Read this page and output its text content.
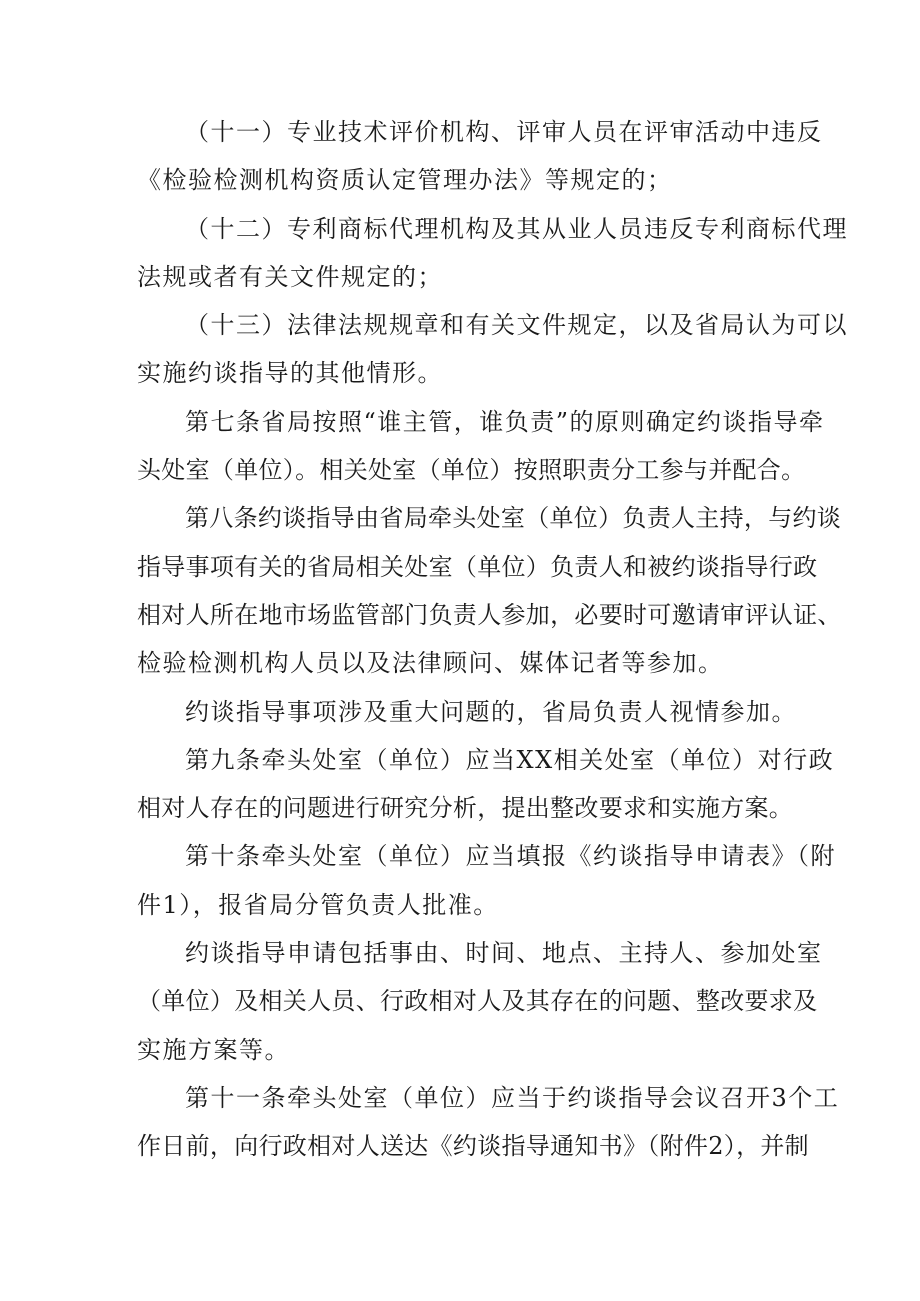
（十一）专业技术评价机构、评审人员在评审活动中违反
《检验检测机构资质认定管理办法》等规定的；
（十二）专利商标代理机构及其从业人员违反专利商标代理
法规或者有关文件规定的；
（十三）法律法规规章和有关文件规定，以及省局认为可以
实施约谈指导的其他情形。
第七条省局按照“谁主管，谁负责”的原则确定约谈指导牵
头处室（单位）。相关处室（单位）按照职责分工参与并配合。
第八条约谈指导由省局牵头处室（单位）负责人主持，与约谈
指导事项有关的省局相关处室（单位）负责人和被约谈指导行政
相对人所在地市场监管部门负责人参加，必要时可邀请审评认证、
检验检测机构人员以及法律顾问、媒体记者等参加。
约谈指导事项涉及重大问题的，省局负责人视情参加。
第九条牵头处室（单位）应当XX相关处室（单位）对行政
相对人存在的问题进行研究分析，提出整改要求和实施方案。
第十条牵头处室（单位）应当填报《约谈指导申请表》（附
件1），报省局分管负责人批准。
约谈指导申请包括事由、时间、地点、主持人、参加处室
（单位）及相关人员、行政相对人及其存在的问题、整改要求及
实施方案等。
第十一条牵头处室（单位）应当于约谈指导会议召开3个工
作日前，向行政相对人送达《约谈指导通知书》（附件2），并制
